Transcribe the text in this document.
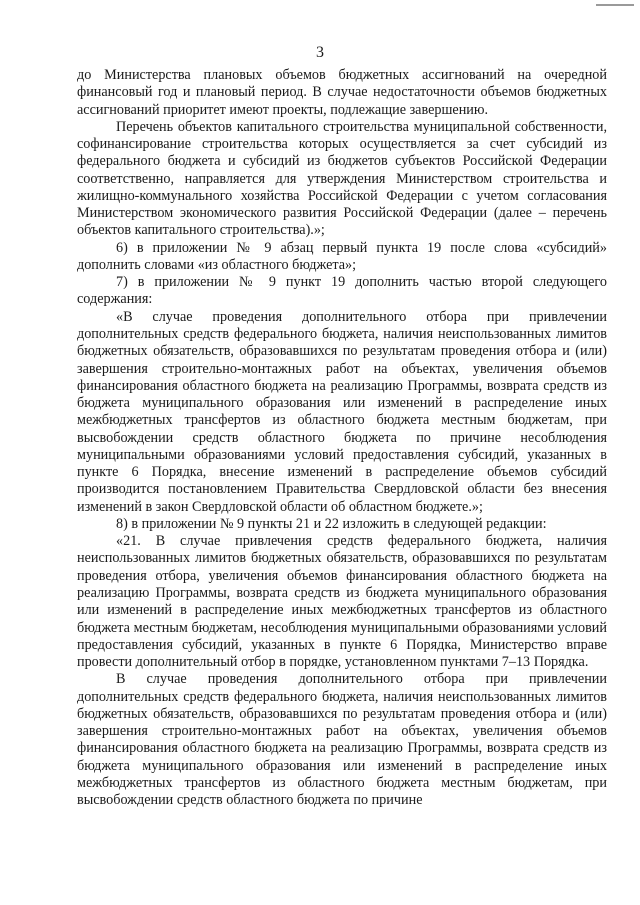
3

до Министерства плановых объемов бюджетных ассигнований на очередной финансовый год и плановый период. В случае недостаточности объемов бюджетных ассигнований приоритет имеют проекты, подлежащие завершению.

Перечень объектов капитального строительства муниципальной собственности, софинансирование строительства которых осуществляется за счет субсидий из федерального бюджета и субсидий из бюджетов субъектов Российской Федерации соответственно, направляется для утверждения Министерством строительства и жилищно-коммунального хозяйства Российской Федерации с учетом согласования Министерством экономического развития Российской Федерации (далее – перечень объектов капитального строительства).»;

6) в приложении № 9 абзац первый пункта 19 после слова «субсидий» дополнить словами «из областного бюджета»;

7) в приложении № 9 пункт 19 дополнить частью второй следующего содержания:

«В случае проведения дополнительного отбора при привлечении дополнительных средств федерального бюджета, наличия неиспользованных лимитов бюджетных обязательств, образовавшихся по результатам проведения отбора и (или) завершения строительно-монтажных работ на объектах, увеличения объемов финансирования областного бюджета на реализацию Программы, возврата средств из бюджета муниципального образования или изменений в распределение иных межбюджетных трансфертов из областного бюджета местным бюджетам, при высвобождении средств областного бюджета по причине несоблюдения муниципальными образованиями условий предоставления субсидий, указанных в пункте 6 Порядка, внесение изменений в распределение объемов субсидий производится постановлением Правительства Свердловской области без внесения изменений в закон Свердловской области об областном бюджете.»;

8) в приложении № 9 пункты 21 и 22 изложить в следующей редакции:

«21. В случае привлечения средств федерального бюджета, наличия неиспользованных лимитов бюджетных обязательств, образовавшихся по результатам проведения отбора, увеличения объемов финансирования областного бюджета на реализацию Программы, возврата средств из бюджета муниципального образования или изменений в распределение иных межбюджетных трансфертов из областного бюджета местным бюджетам, несоблюдения муниципальными образованиями условий предоставления субсидий, указанных в пункте 6 Порядка, Министерство вправе провести дополнительный отбор в порядке, установленном пунктами 7–13 Порядка.

В случае проведения дополнительного отбора при привлечении дополнительных средств федерального бюджета, наличия неиспользованных лимитов бюджетных обязательств, образовавшихся по результатам проведения отбора и (или) завершения строительно-монтажных работ на объектах, увеличения объемов финансирования областного бюджета на реализацию Программы, возврата средств из бюджета муниципального образования или изменений в распределение иных межбюджетных трансфертов из областного бюджета местным бюджетам, при высвобождении средств областного бюджета по причине
